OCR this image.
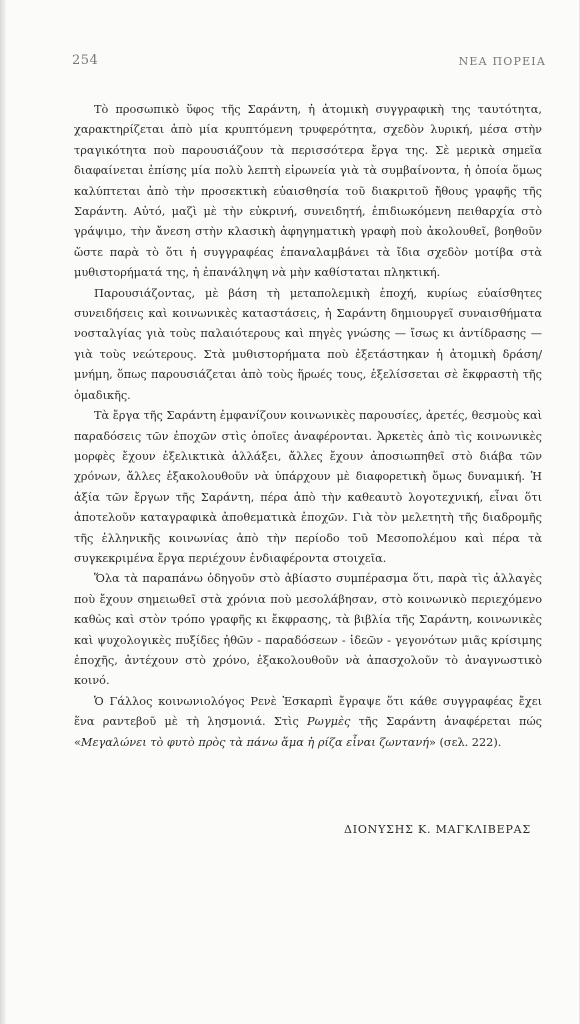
254	ΝΕΑ ΠΟΡΕΙΑ

Τὸ προσωπικὸ ὕφος τῆς Σαράντη, ἡ ἀτομικὴ συγγραφικὴ της ταυτότητα, χαρακτηρίζεται ἀπὸ μία κρυπτόμενη τρυφερότητα, σχεδὸν λυρική, μέσα στὴν τραγικότητα ποὺ παρουσιάζουν τὰ περισσότερα ἔργα της. Σὲ μερικὰ σημεῖα διαφαίνεται ἐπίσης μία πολὺ λεπτὴ εἰρωνεία γιὰ τὰ συμβαίνοντα, ἡ ὁποία ὅμως καλύπτεται ἀπὸ τὴν προσεκτικὴ εὐαισθησία τοῦ διακριτοῦ ἤθους γραφῆς τῆς Σαράντη. Αὐτό, μαζὶ μὲ τὴν εὐκρινή, συνειδητή, ἐπιδιωκόμενη πειθαρχία στὸ γράψιμο, τὴν ἄνεση στὴν κλασικὴ ἀφηγηματικὴ γραφὴ ποὺ ἀκολουθεῖ, βοηθοῦν ὥστε παρὰ τὸ ὅτι ἡ συγγραφέας ἐπαναλαμβάνει τὰ ἴδια σχεδὸν μοτίβα στὰ μυθιστορήματά της, ἡ ἐπανάληψη νὰ μὴν καθίσταται πληκτική.

Παρουσιάζοντας, μὲ βάση τὴ μεταπολεμικὴ ἐποχή, κυρίως εὐαίσθητες συνειδήσεις καὶ κοινωνικὲς καταστάσεις, ἡ Σαράντη δημιουργεῖ συναισθήματα νοσταλγίας γιὰ τοὺς παλαιότερους καὶ πηγὲς γνώσης — ἴσως κι ἀντίδρασης — γιὰ τοὺς νεώτερους. Στὰ μυθιστορήματα ποὺ ἐξετάστηκαν ἡ ἀτομικὴ δράση/μνήμη, ὅπως παρουσιάζεται ἀπὸ τοὺς ἥρωές τους, ἐξελίσσεται σὲ ἔκφραστὴ τῆς ὁμαδικῆς.

Τὰ ἔργα τῆς Σαράντη ἐμφανίζουν κοινωνικὲς παρουσίες, ἀρετές, θεσμοὺς καὶ παραδόσεις τῶν ἐποχῶν στὶς ὁποῖες ἀναφέρονται. Ἀρκετὲς ἀπὸ τὶς κοινωνικὲς μορφὲς ἔχουν ἐξελικτικὰ ἀλλάξει, ἄλλες ἔχουν ἀποσιωπηθεῖ στὸ διάβα τῶν χρόνων, ἄλλες ἐξακολουθοῦν νὰ ὑπάρχουν μὲ διαφορετικὴ ὅμως δυναμική. Ἡ ἀξία τῶν ἔργων τῆς Σαράντη, πέρα ἀπὸ τὴν καθεαυτὸ λογοτεχνική, εἶναι ὅτι ἀποτελοῦν καταγραφικὰ ἀποθεματικὰ ἐποχῶν. Γιὰ τὸν μελετητὴ τῆς διαδρομῆς τῆς ἑλληνικῆς κοινωνίας ἀπὸ τὴν περίοδο τοῦ Μεσοπολέμου καὶ πέρα τὰ συγκεκριμένα ἔργα περιέχουν ἐνδιαφέροντα στοιχεῖα.

Ὅλα τὰ παραπάνω ὁδηγοῦν στὸ ἀβίαστο συμπέρασμα ὅτι, παρὰ τὶς ἀλλαγὲς ποὺ ἔχουν σημειωθεῖ στὰ χρόνια ποὺ μεσολάβησαν, στὸ κοινωνικὸ περιεχόμενο καθὼς καὶ στὸν τρόπο γραφῆς κι ἔκφρασης, τὰ βιβλία τῆς Σαράντη, κοινωνικὲς καὶ ψυχολογικὲς πυξίδες ἠθῶν - παραδόσεων - ἰδεῶν - γεγονότων μιᾶς κρίσιμης ἐποχῆς, ἀντέχουν στὸ χρόνο, ἐξακολουθοῦν νὰ ἀπασχολοῦν τὸ ἀναγνωστικὸ κοινό.

Ὁ Γάλλος κοινωνιολόγος Ρενὲ Ἐσκαρπὶ ἔγραψε ὅτι κάθε συγγραφέας ἔχει ἕνα ραντεβοῦ μὲ τὴ λησμονιά. Στὶς Ρωγμὲς τῆς Σαράντη ἀναφέρεται πώς «Μεγαλώνει τὸ φυτὸ πρὸς τὰ πάνω ἅμα ἡ ρίζα εἶναι ζωντανή» (σελ. 222).

ΔΙΟΝΥΣΗΣ Κ. ΜΑΓΚΛΙΒΕΡΑΣ
